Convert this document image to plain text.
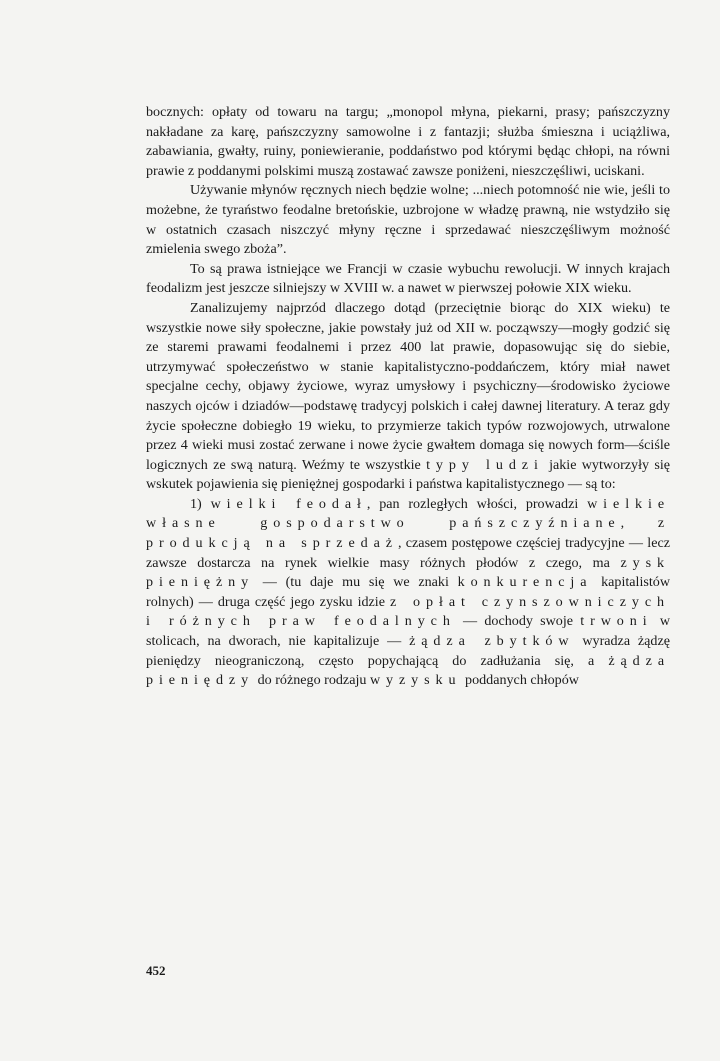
bocznych: opłaty od towaru na targu; „monopol młyna, piekarni, prasy; pańszczyzny nakładane za karę, pańszczyzny samowolne i z fantazji; służba śmieszna i uciążliwa, zabawiania, gwałty, ruiny, poniewieranie, poddaństwo pod którymi będąc chłopi, na równi prawie z poddanymi polskimi muszą zostawać zawsze poniżeni, nieszczęśliwi, uciskani.

Używanie młynów ręcznych niech będzie wolne; ...niech potomność nie wie, jeśli to możebne, że tyraństwo feodalne bretońskie, uzbrojone w władzę prawną, nie wstydziło się w ostatnich czasach niszczyć młyny ręczne i sprzedawać nieszczęśliwym możność zmielenia swego zboża”.

To są prawa istniejące we Francji w czasie wybuchu rewolucji. W innych krajach feodalizm jest jeszcze silniejszy w XVIII w. a nawet w pierwszej połowie XIX wieku.

Zanalizujemy najprzód dlaczego dotąd (przeciętnie biorąc do XIX wieku) te wszystkie nowe siły społeczne, jakie powstały już od XII w. począwszy—mogły godzić się ze staremi prawami feodalnemi i przez 400 lat prawie, dopasowując się do siebie, utrzymywać społeczeństwo w stanie kapitalistyczno-poddańczem, który miał nawet specjalne cechy, objawy życiowe, wyraz umysłowy i psychiczny—środowisko życiowe naszych ojców i dziadów—podstawę tradycyj polskich i całej dawnej literatury. A teraz gdy życie społeczne dobiegło 19 wieku, to przymierze takich typów rozwojowych, utrwalone przez 4 wieki musi zostać zerwane i nowe życie gwałtem domaga się nowych form—ściśle logicznych ze swą naturą. Weźmy te wszystkie typy ludzi jakie wytworzyły się wskutek pojawienia się pieniężnej gospodarki i państwa kapitalistycznego — są to:

1) wielki feodał, pan rozległych włości, prowadzi wielkie własne gospodarstwo pańszczyźniane, z produkcją na sprzedaż, czasem postępowe częściej tradycyjne — lecz zawsze dostarcza na rynek wielkie masy różnych płodów z czego, ma zysk pieniężny — (tu daje mu się we znaki konkurencja kapitalistów rolnych) — druga część jego zysku idzie z opłat czynszowniczych i różnych praw feodalnych — dochody swoje trwoni w stolicach, na dworach, nie kapitalizuje — żądza zbytków wyradza żądzę pieniędzy nieograniczoną, często popychającą do zadłużania się, a żądza pieniędzy do różnego rodzaju wyzysku poddanych chłopów

452
